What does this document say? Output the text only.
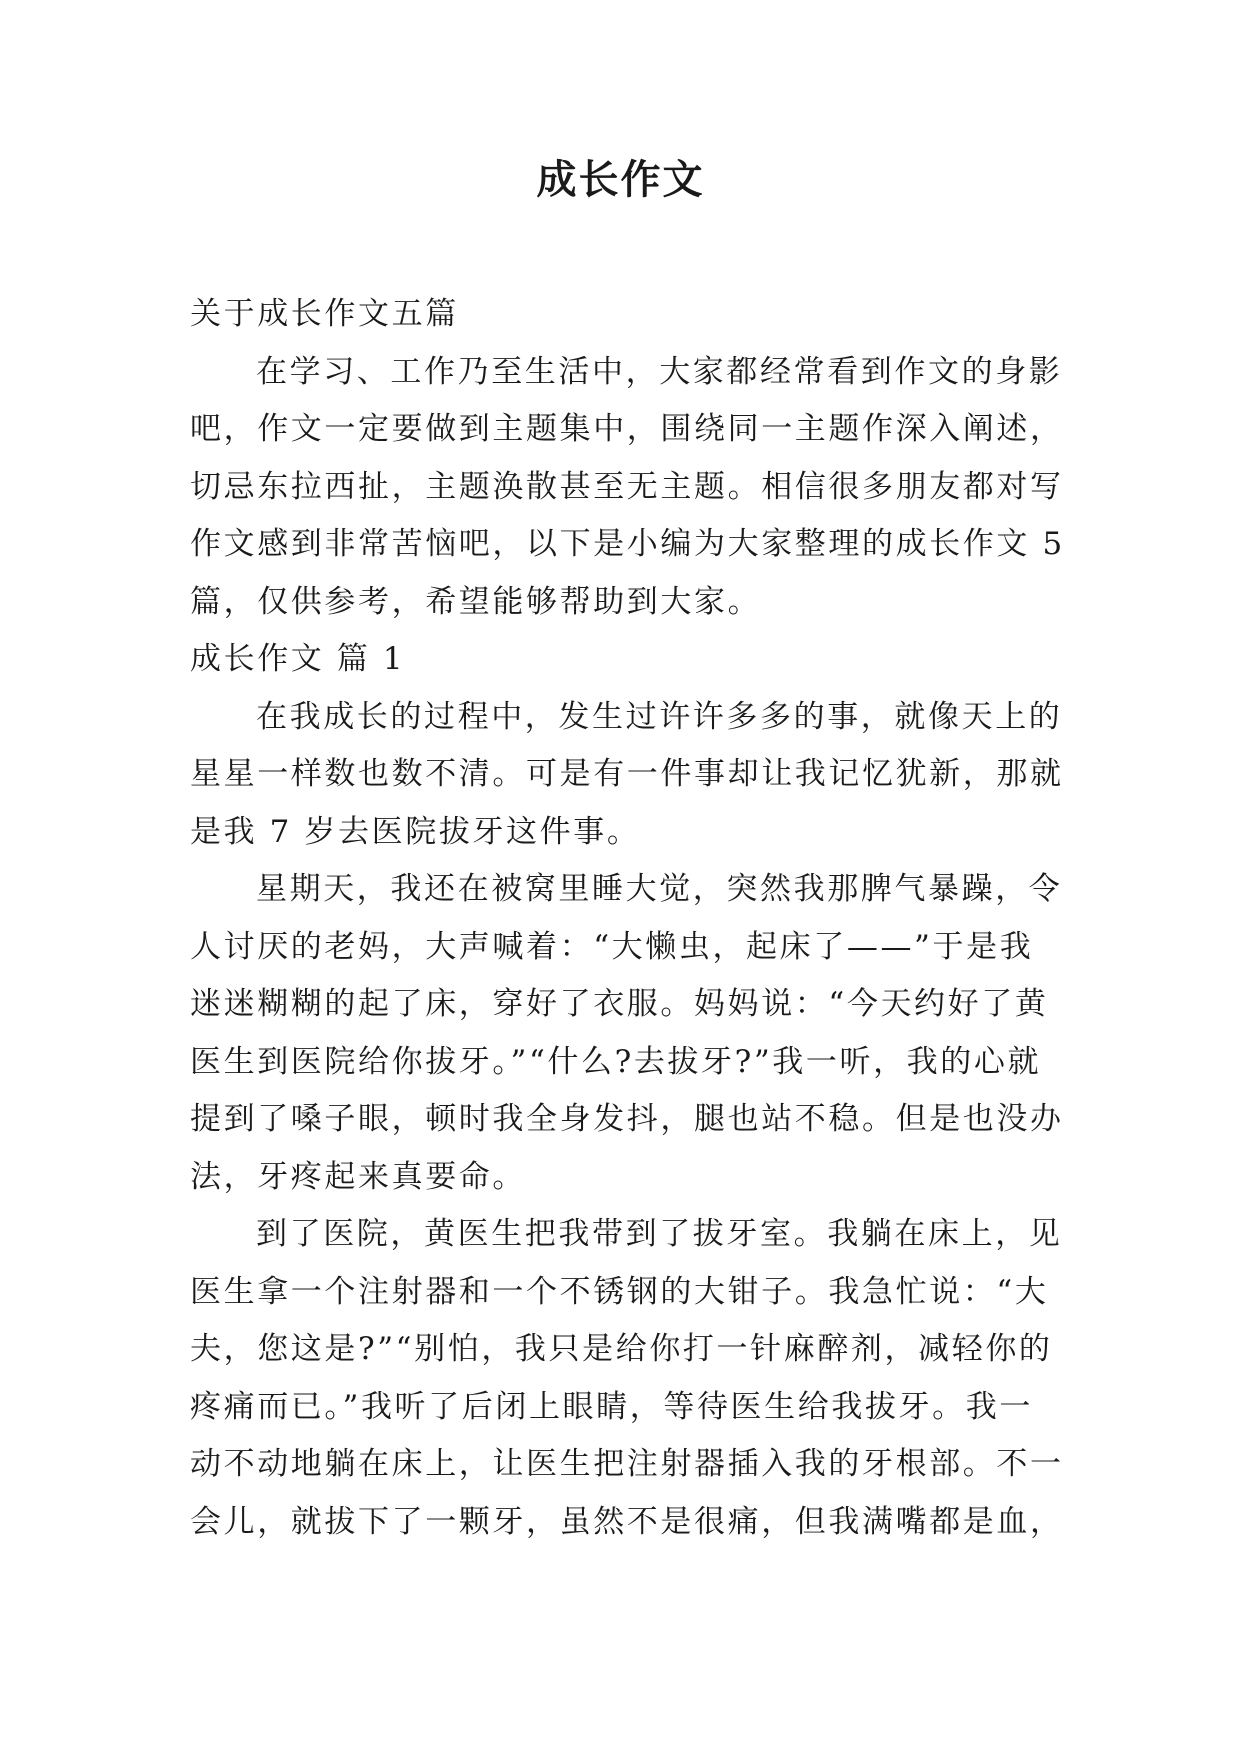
成长作文
关于成长作文五篇
在学习、工作乃至生活中，大家都经常看到作文的身影
吧，作文一定要做到主题集中，围绕同一主题作深入阐述，
切忌东拉西扯，主题涣散甚至无主题。相信很多朋友都对写
作文感到非常苦恼吧，以下是小编为大家整理的成长作文 5
篇，仅供参考，希望能够帮助到大家。
成长作文 篇 1
在我成长的过程中，发生过许许多多的事，就像天上的
星星一样数也数不清。可是有一件事却让我记忆犹新，那就
是我 7 岁去医院拔牙这件事。
星期天，我还在被窝里睡大觉，突然我那脾气暴躁，令
人讨厌的老妈，大声喊着：“大懒虫，起床了——”于是我
迷迷糊糊的起了床，穿好了衣服。妈妈说：“今天约好了黄
医生到医院给你拔牙。”“什么?去拔牙?”我一听，我的心就
提到了嗓子眼，顿时我全身发抖，腿也站不稳。但是也没办
法，牙疼起来真要命。
到了医院，黄医生把我带到了拔牙室。我躺在床上，见
医生拿一个注射器和一个不锈钢的大钳子。我急忙说：“大
夫，您这是?”“别怕，我只是给你打一针麻醉剂，减轻你的
疼痛而已。”我听了后闭上眼睛，等待医生给我拔牙。我一
动不动地躺在床上，让医生把注射器插入我的牙根部。不一
会儿，就拔下了一颗牙，虽然不是很痛，但我满嘴都是血，
